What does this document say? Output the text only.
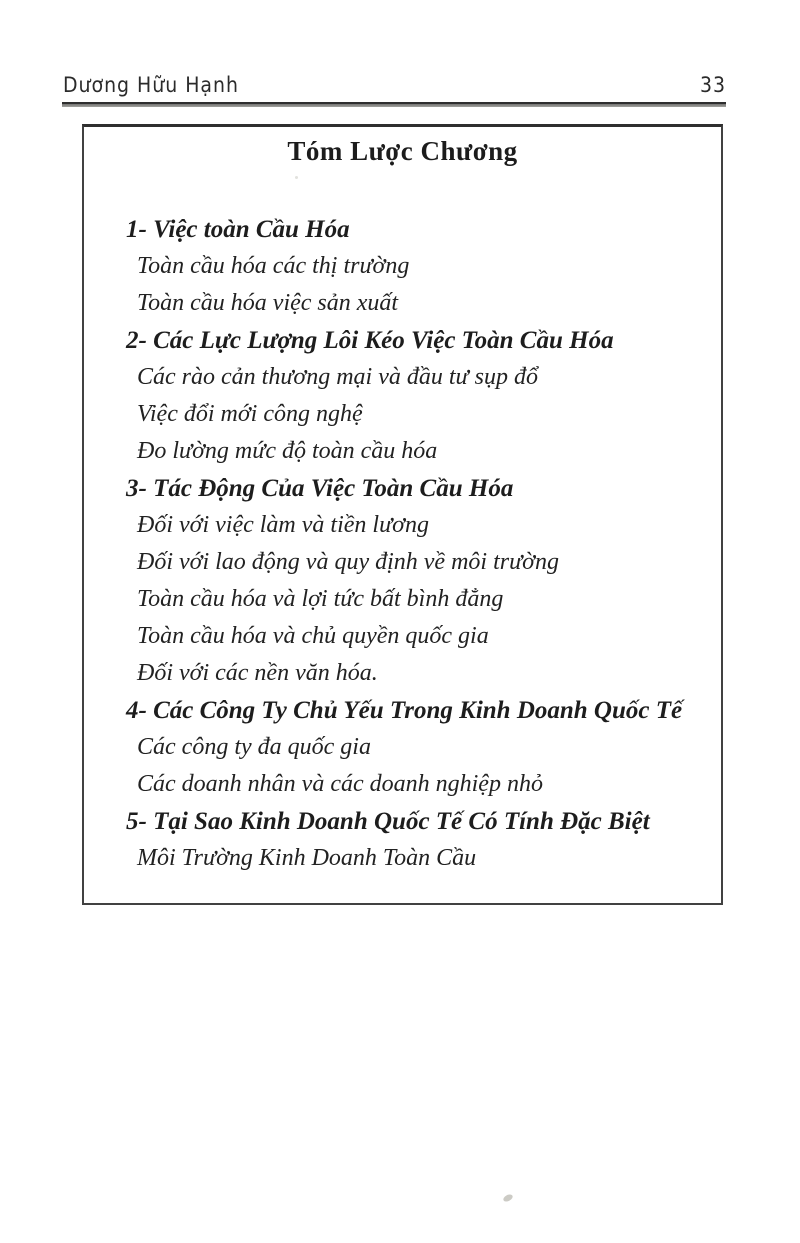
Dương Hữu Hạnh	33
Tóm Lược Chương
1- Việc toàn Cầu Hóa
Toàn cầu hóa các thị trường
Toàn cầu hóa việc sản xuất
2- Các Lực Lượng Lôi Kéo Việc Toàn Cầu Hóa
Các rào cản thương mại và đầu tư sụp đổ
Việc đổi mới công nghệ
Đo lường mức độ toàn cầu hóa
3- Tác Động Của Việc Toàn Cầu Hóa
Đối với việc làm và tiền lương
Đối với lao động và quy định về môi trường
Toàn cầu hóa và lợi tức bất bình đẳng
Toàn cầu hóa và chủ quyền quốc gia
Đối với các nền văn hóa.
4- Các Công Ty Chủ Yếu Trong Kinh Doanh Quốc Tế
Các công ty đa quốc gia
Các doanh nhân và các doanh nghiệp nhỏ
5- Tại Sao Kinh Doanh Quốc Tế Có Tính Đặc Biệt
Môi Trường Kinh Doanh Toàn Cầu
